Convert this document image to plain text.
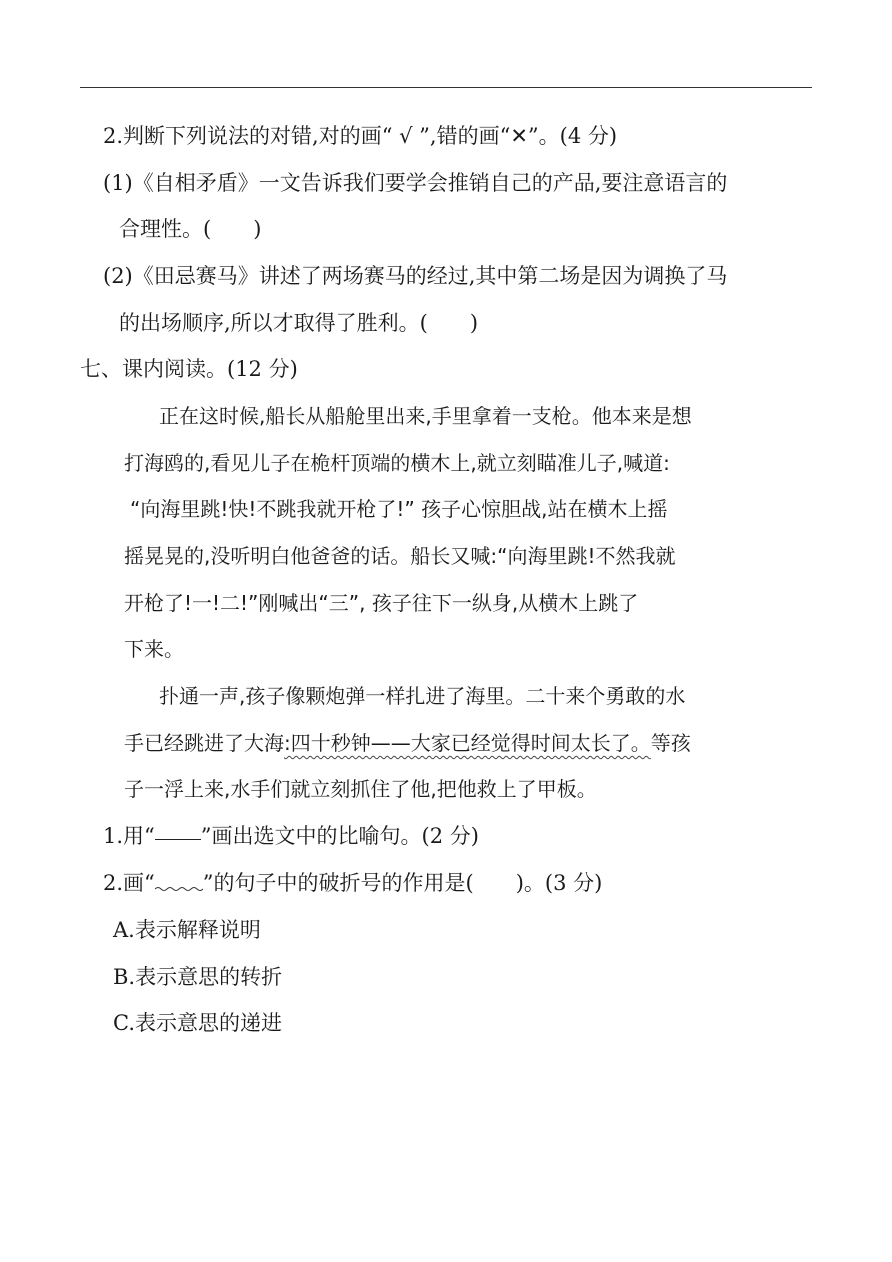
2.判断下列说法的对错,对的画“ √ ”,错的画“✕”。(4 分)
(1)《自相矛盾》一文告诉我们要学会推销自己的产品,要注意语言的
合理性。(　　)
(2)《田忌赛马》讲述了两场赛马的经过,其中第二场是因为调换了马
的出场顺序,所以才取得了胜利。(　　)
七、课内阅读。(12 分)
正在这时候,船长从船舱里出来,手里拿着一支枪。他本来是想
打海鸥的,看见儿子在桅杆顶端的横木上,就立刻瞄准儿子,喊道:
“向海里跳!快!不跳我就开枪了!” 孩子心惊胆战,站在横木上摇
摇晃晃的,没听明白他爸爸的话。船长又喊:“向海里跳!不然我就
开枪了!一!二!”刚喊出“三”, 孩子往下一纵身,从横木上跳了
下来。
扑通一声,孩子像颗炮弹一样扎进了海里。二十来个勇敢的水
手已经跳进了大海:四十秒钟——大家已经觉得时间太长了。等孩
子一浮上来,水手们就立刻抓住了他,把他救上了甲板。
1.用“ ”画出选文中的比喻句。(2 分)
2.画“ ”的句子中的破折号的作用是(　　)。(3 分)
A.表示解释说明
B.表示意思的转折
C.表示意思的递进
